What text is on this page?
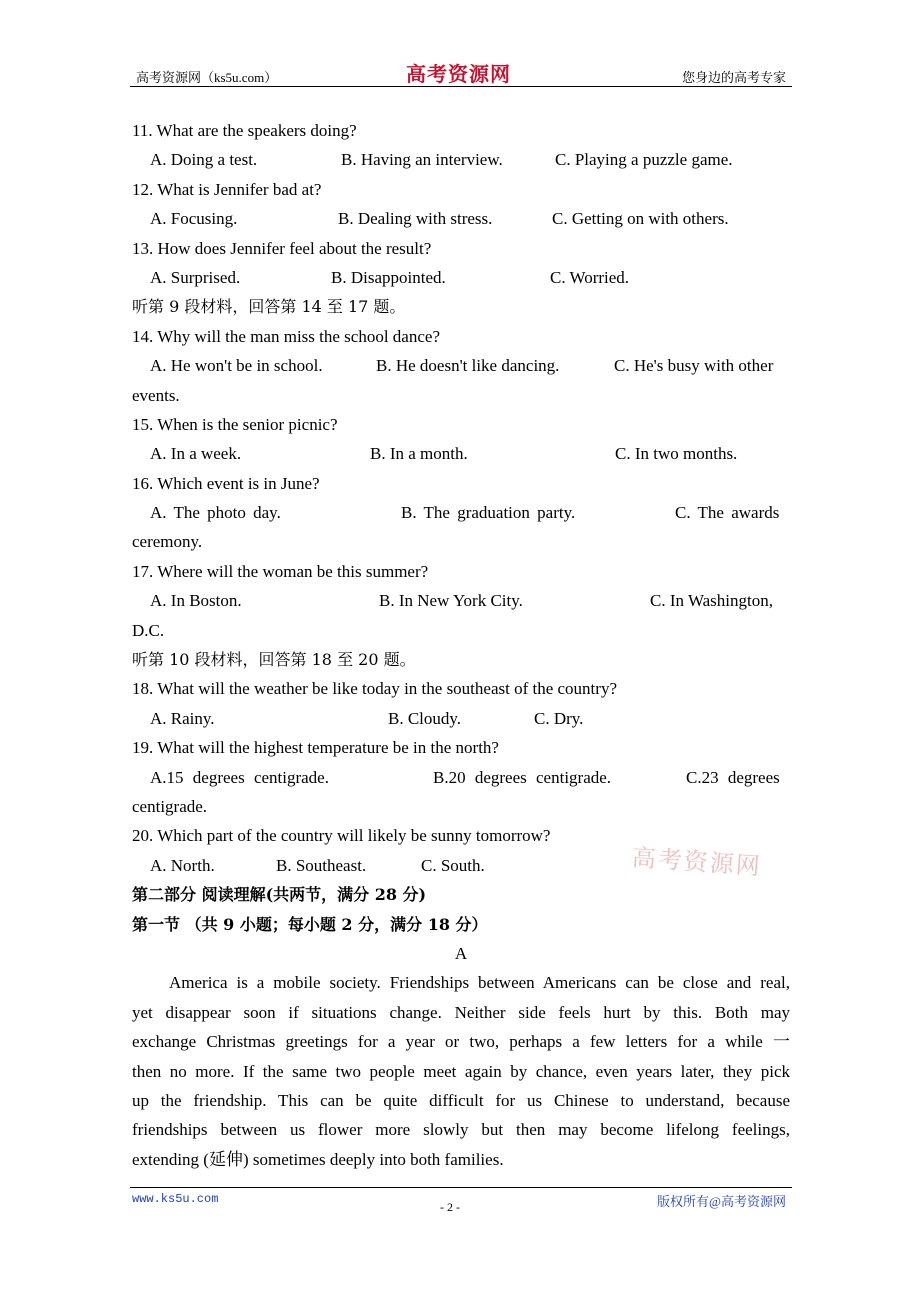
高考资源网（ks5u.com）	高考资源网	您身边的高考专家
11. What are the speakers doing?
A. Doing a test.	B. Having an interview.	C. Playing a puzzle game.
12. What is Jennifer bad at?
A. Focusing.	B. Dealing with stress.	C. Getting on with others.
13. How does Jennifer feel about the result?
A. Surprised.	B. Disappointed.	C. Worried.
听第 9 段材料，回答第 14 至 17 题。
14. Why will the man miss the school dance?
A. He won't be in school.	B. He doesn't like dancing.	C. He's busy with other
events.
15. When is the senior picnic?
A. In a week.	B. In a month.	C. In two months.
16. Which event is in June?
A. The photo day.	B. The graduation party.	C. The awards
ceremony.
17. Where will the woman be this summer?
A. In Boston.	B. In New York City.	C. In Washington,
D.C.
听第 10 段材料，回答第 18 至 20 题。
18. What will the weather be like today in the southeast of the country?
A. Rainy.	B. Cloudy.	C. Dry.
19. What will the highest temperature be in the north?
A.15 degrees centigrade.	B.20 degrees centigrade.	C.23 degrees
centigrade.
20. Which part of the country will likely be sunny tomorrow?
A. North.	B. Southeast.	C. South.
第二部分 阅读理解(共两节，满分 28 分)
第一节 （共 9 小题；每小题 2 分，满分 18 分）
A
America is a mobile society. Friendships between Americans can be close and real,
yet disappear soon if situations change. Neither side feels hurt by this. Both may
exchange Christmas greetings for a year or two, perhaps a few letters for a while 一
then no more. If the same two people meet again by chance, even years later, they pick
up the friendship. This can be quite difficult for us Chinese to understand, because
friendships between us flower more slowly but then may become lifelong feelings,
extending (延伸) sometimes deeply into both families.
高考资源网
www.ks5u.com
- 2 -	版权所有@高考资源网
